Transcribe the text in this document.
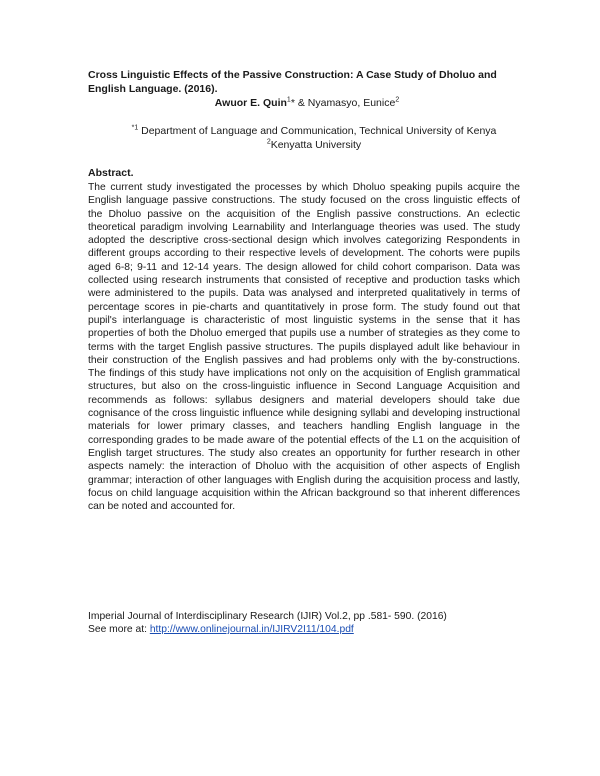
Cross Linguistic Effects of the Passive Construction: A Case Study of Dholuo and English Language. (2016).
Awuor E. Quin$^1$* & Nyamasyo, Eunice$^2$
$^{*1}$ Department of Language and Communication, Technical University of Kenya
$^2$Kenyatta University
Abstract.

The current study investigated the processes by which Dholuo speaking pupils acquire the English language passive constructions. The study focused on the cross linguistic effects of the Dholuo passive on the acquisition of the English passive constructions. An eclectic theoretical paradigm involving Learnability and Interlanguage theories was used. The study adopted the descriptive cross-sectional design which involves categorizing Respondents in different groups according to their respective levels of development. The cohorts were pupils aged 6-8; 9-11 and 12-14 years. The design allowed for child cohort comparison. Data was collected using research instruments that consisted of receptive and production tasks which were administered to the pupils. Data was analysed and interpreted qualitatively in terms of percentage scores in pie-charts and quantitatively in prose form. The study found out that pupil's interlanguage is characteristic of most linguistic systems in the sense that it has properties of both the Dholuo emerged that pupils use a number of strategies as they come to terms with the target English passive structures. The pupils displayed adult like behaviour in their construction of the English passives and had problems only with the by-constructions. The findings of this study have implications not only on the acquisition of English grammatical structures, but also on the cross-linguistic influence in Second Language Acquisition and recommends as follows: syllabus designers and material developers should take due cognisance of the cross linguistic influence while designing syllabi and developing instructional materials for lower primary classes, and teachers handling English language in the corresponding grades to be made aware of the potential effects of the L1 on the acquisition of English target structures. The study also creates an opportunity for further research in other aspects namely: the interaction of Dholuo with the acquisition of other aspects of English grammar; interaction of other languages with English during the acquisition process and lastly, focus on child language acquisition within the African background so that inherent differences can be noted and accounted for.

Imperial Journal of Interdisciplinary Research (IJIR) Vol.2, pp .581- 590. (2016)
See more at: http://www.onlinejournal.in/IJIRV2I11/104.pdf
